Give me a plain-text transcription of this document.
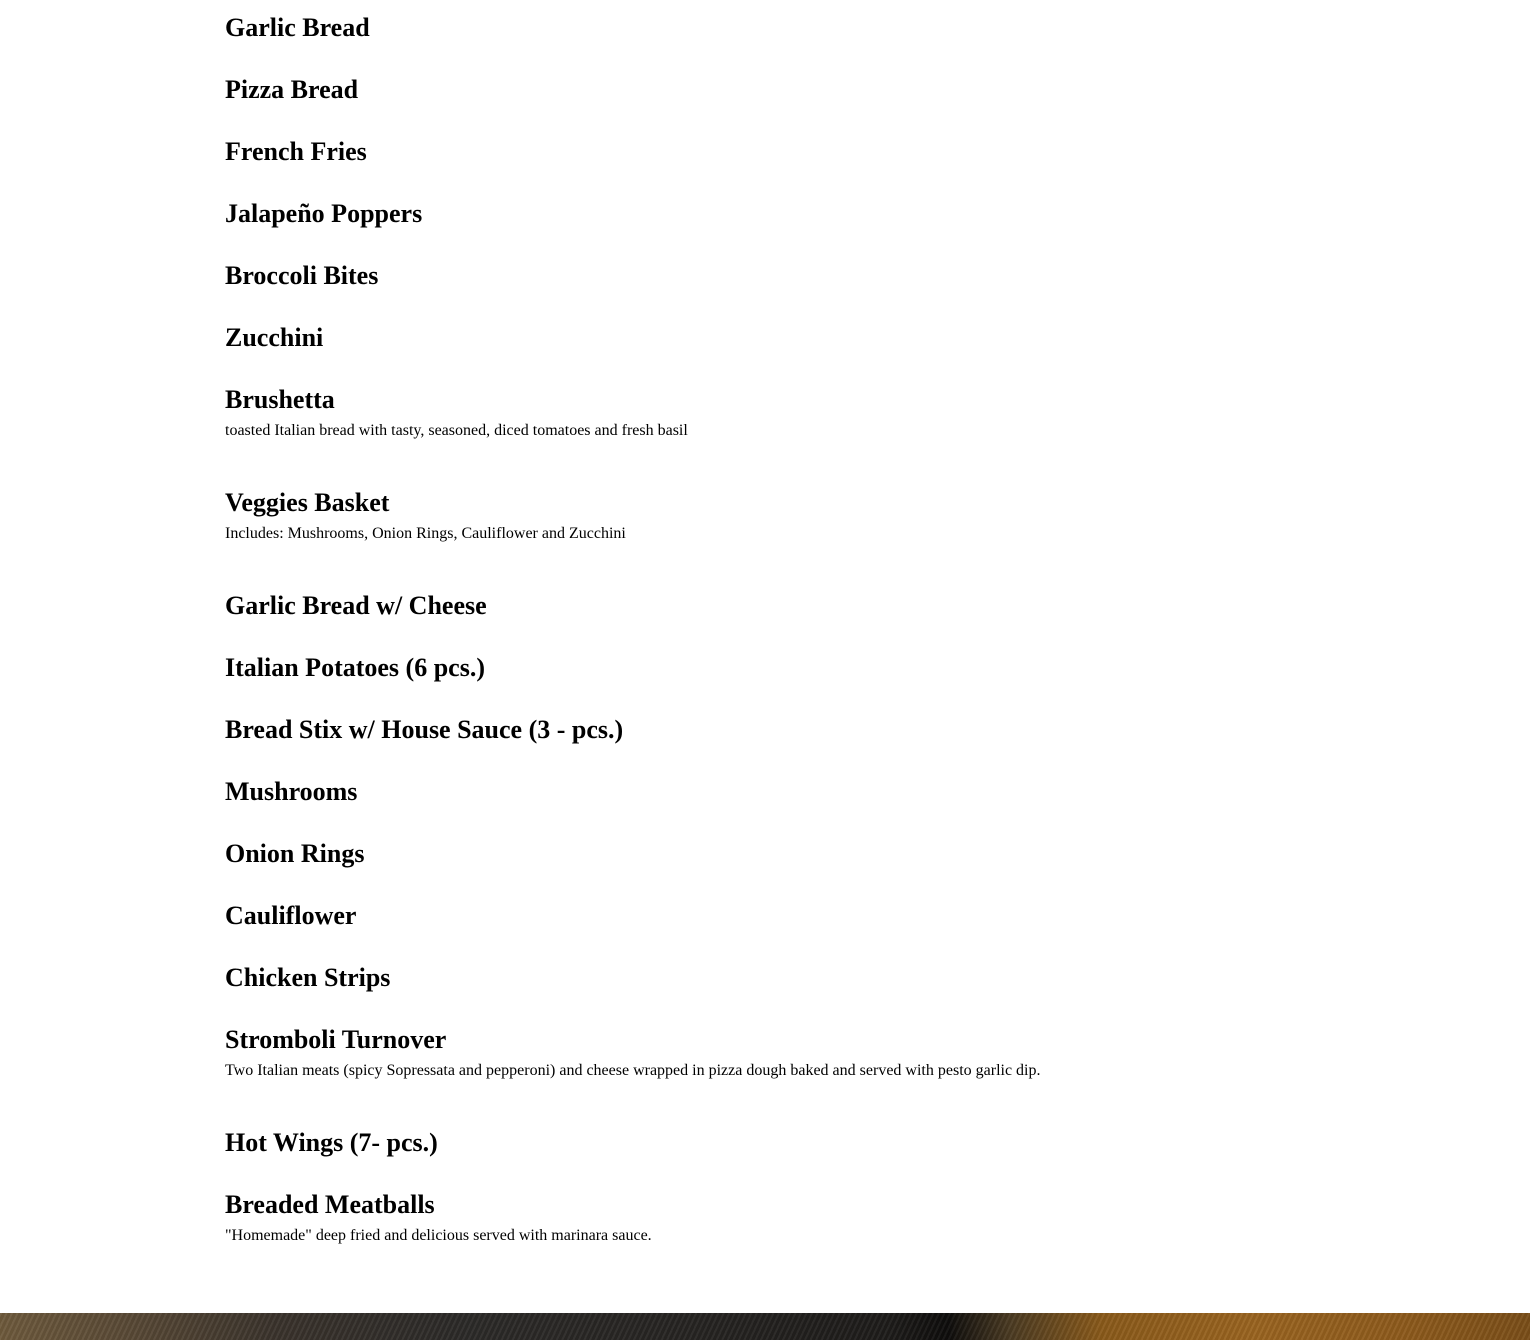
Garlic Bread
Pizza Bread
French Fries
Jalapeño Poppers
Broccoli Bites
Zucchini
Brushetta

toasted Italian bread with tasty, seasoned, diced tomatoes and fresh basil

Veggies Basket

Includes: Mushrooms, Onion Rings, Cauliflower and Zucchini

Garlic Bread w/ Cheese
Italian Potatoes (6 pcs.)
Bread Stix w/ House Sauce (3 - pcs.)
Mushrooms
Onion Rings
Cauliflower
Chicken Strips
Stromboli Turnover

Two Italian meats (spicy Sopressata and pepperoni) and cheese wrapped in pizza dough baked and served with pesto garlic dip.

Hot Wings (7- pcs.)
Breaded Meatballs

"Homemade" deep fried and delicious served with marinara sauce.
